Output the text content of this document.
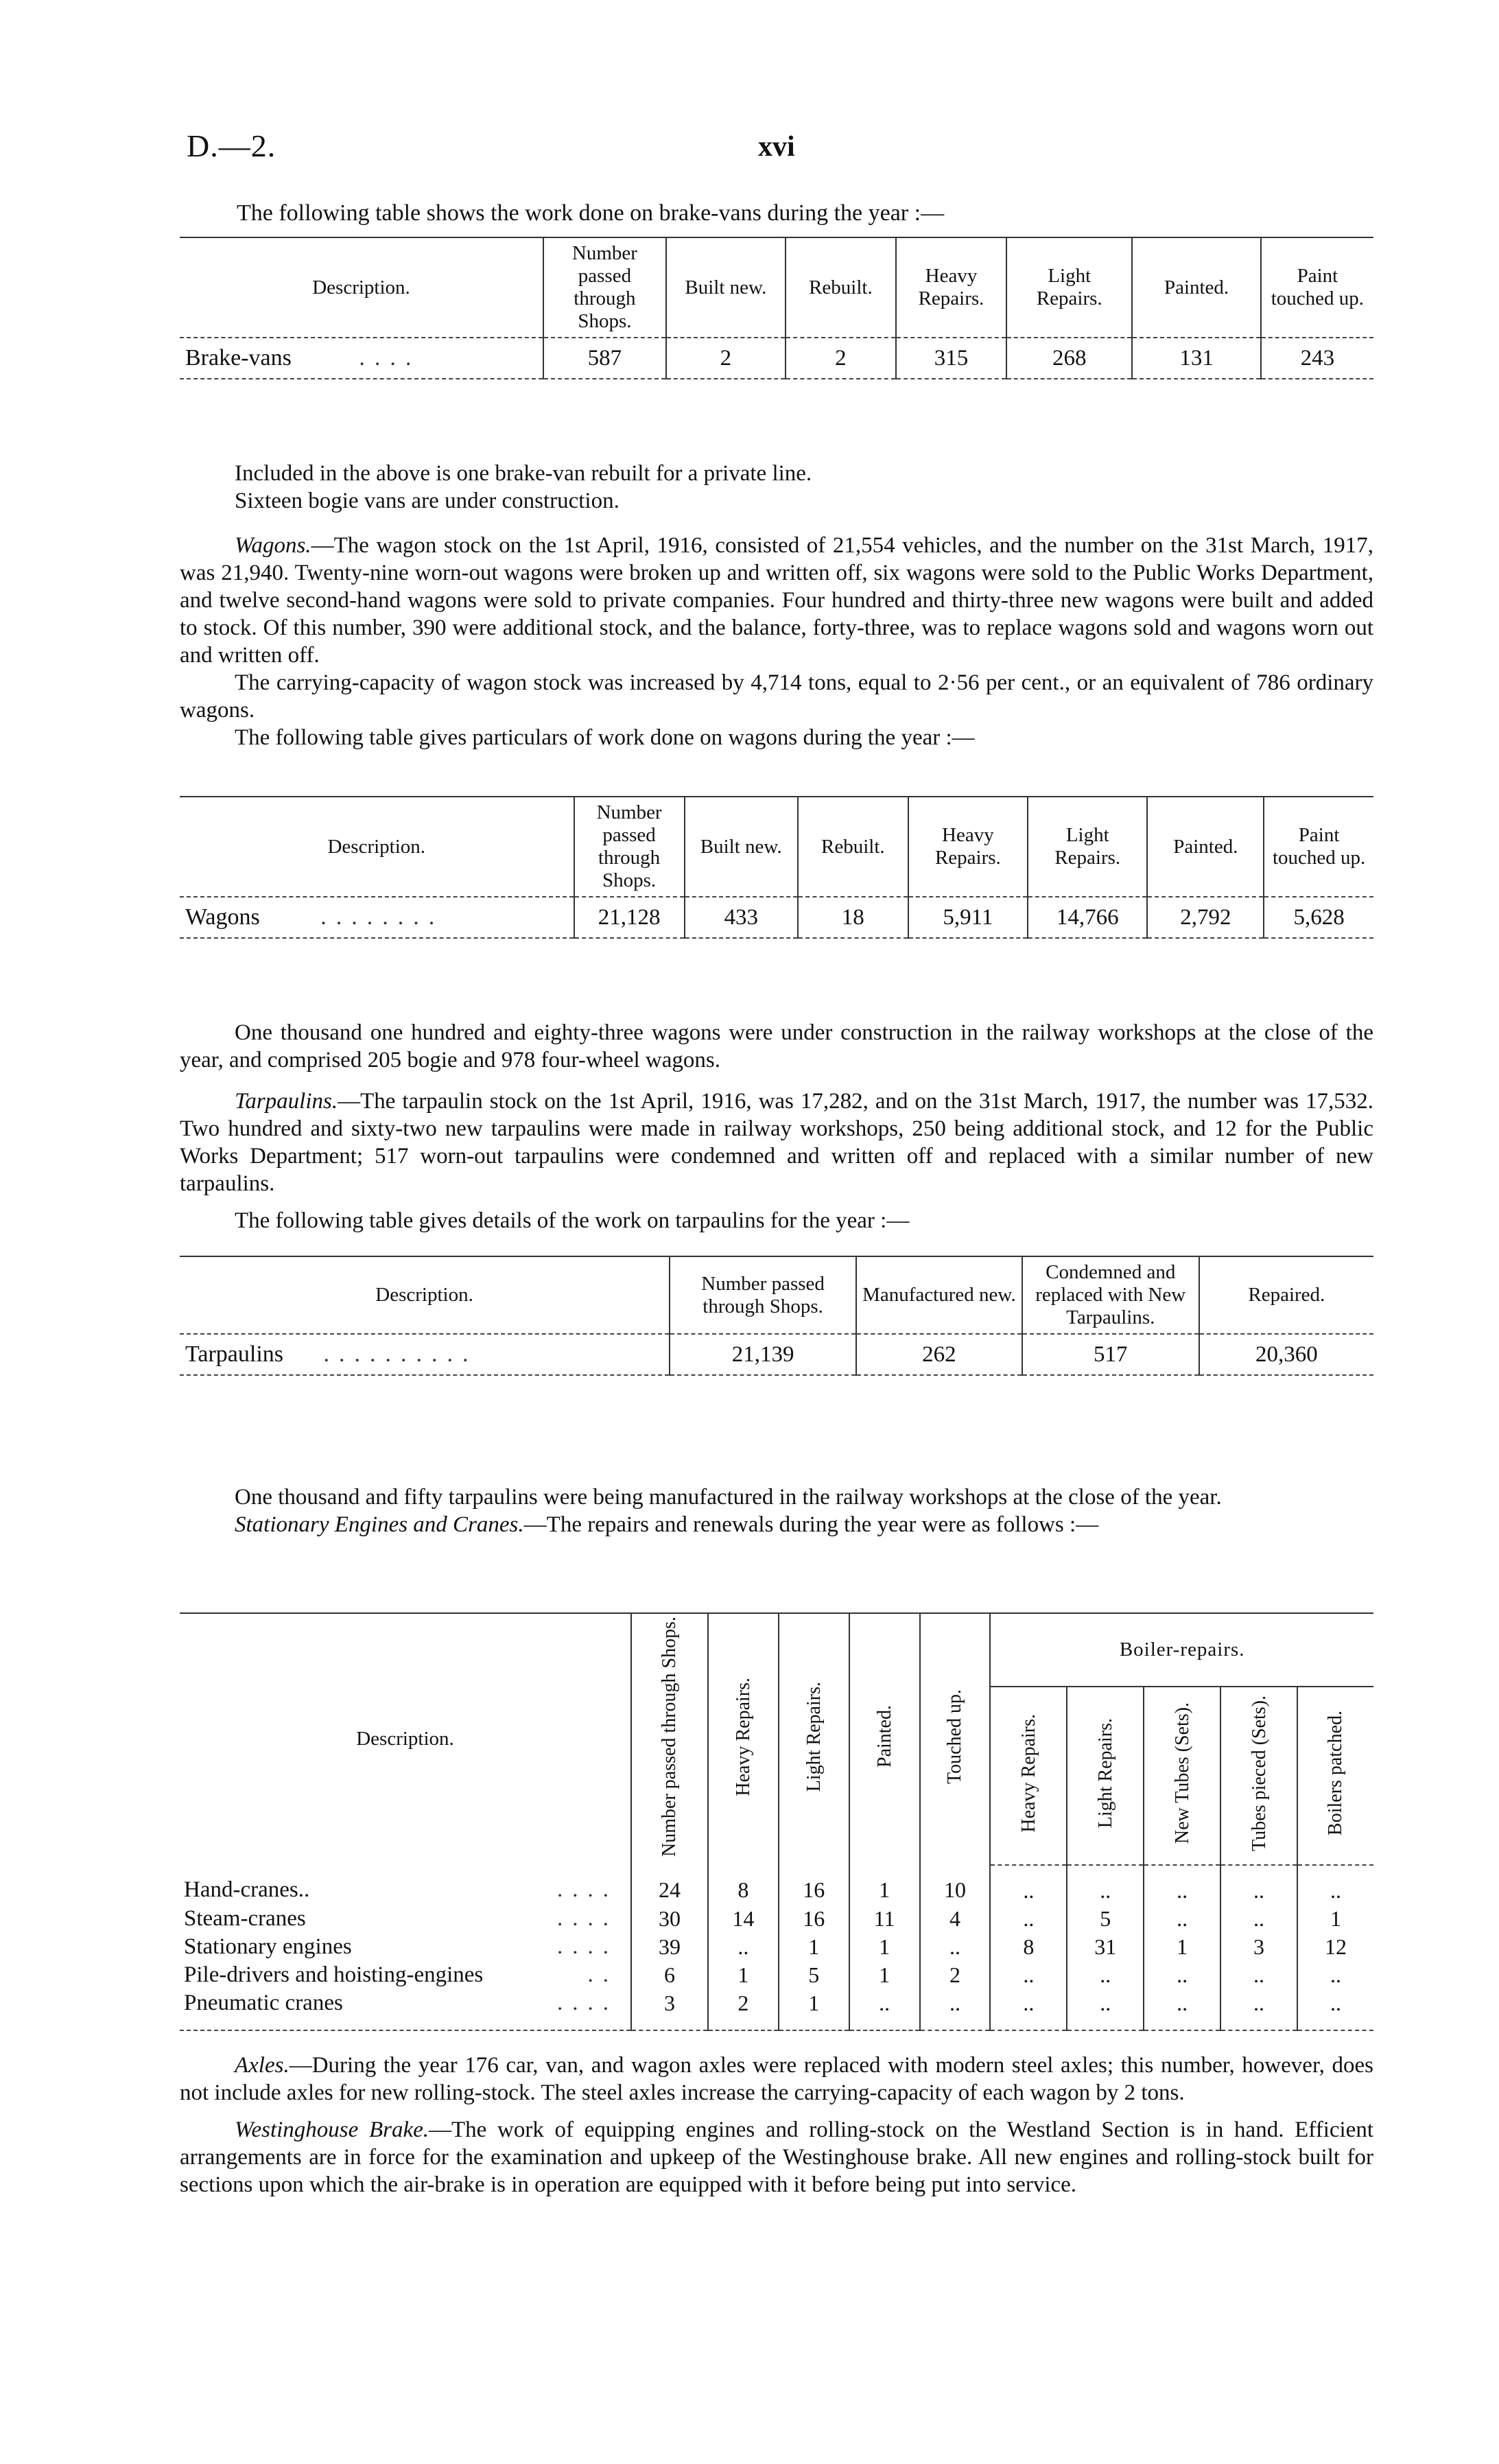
D.—2.	xvi
The following table shows the work done on brake-vans during the year :—
Description.	Number passed through Shops.	Built new.	Rebuilt.	Heavy Repairs.	Light Repairs.	Painted.	Paint touched up.
Brake-vans ....	587	2	2	315	268	131	243

Included in the above is one brake-van rebuilt for a private line.

Sixteen bogie vans are under construction.

Wagons.—The wagon stock on the 1st April, 1916, consisted of 21,554 vehicles, and the number on the 31st March, 1917, was 21,940. Twenty-nine worn-out wagons were broken up and written off, six wagons were sold to the Public Works Department, and twelve second-hand wagons were sold to private companies. Four hundred and thirty-three new wagons were built and added to stock. Of this number, 390 were additional stock, and the balance, forty-three, was to replace wagons sold and wagons worn out and written off.

The carrying-capacity of wagon stock was increased by 4,714 tons, equal to 2·56 per cent., or an equivalent of 786 ordinary wagons.

The following table gives particulars of work done on wagons during the year :—

Description.	Number passed through Shops.	Built new.	Rebuilt.	Heavy Repairs.	Light Repairs.	Painted.	Paint touched up.
Wagons ........	21,128	433	18	5,911	14,766	2,792	5,628

One thousand one hundred and eighty-three wagons were under construction in the railway workshops at the close of the year, and comprised 205 bogie and 978 four-wheel wagons.

Tarpaulins.—The tarpaulin stock on the 1st April, 1916, was 17,282, and on the 31st March, 1917, the number was 17,532. Two hundred and sixty-two new tarpaulins were made in railway workshops, 250 being additional stock, and 12 for the Public Works Department; 517 worn-out tarpaulins were condemned and written off and replaced with a similar number of new tarpaulins.

The following table gives details of the work on tarpaulins for the year :—

Description.	Number passed through Shops.	Manufactured new.	Condemned and replaced with New Tarpaulins.	Repaired.
Tarpaulins ..........	21,139	262	517	20,360

One thousand and fifty tarpaulins were being manufactured in the railway workshops at the close of the year.

Stationary Engines and Cranes.—The repairs and renewals during the year were as follows :—

Description.	Number passed through Shops.	Heavy Repairs.	Light Repairs.	Painted.	Touched up.	Boiler-repairs.				
						Heavy Repairs.	Light Repairs.	New Tubes (Sets).	Tubes pieced (Sets).	Boilers patched.
Hand-cranes.. ....	24	8	16	1	10	..	..	..	..	..
Steam-cranes ....	30	14	16	11	4	..	5	..	..	1
Stationary engines ....	39	..	1	1	..	8	31	1	3	12
Pile-drivers and hoisting-engines ..	6	1	5	1	2	..	..	..	..	..
Pneumatic cranes ....	3	2	1	..	..	..	..	..	..	..

Axles.—During the year 176 car, van, and wagon axles were replaced with modern steel axles; this number, however, does not include axles for new rolling-stock. The steel axles increase the carrying-capacity of each wagon by 2 tons.

Westinghouse Brake.—The work of equipping engines and rolling-stock on the Westland Section is in hand. Efficient arrangements are in force for the examination and upkeep of the Westinghouse brake. All new engines and rolling-stock built for sections upon which the air-brake is in operation are equipped with it before being put into service.
